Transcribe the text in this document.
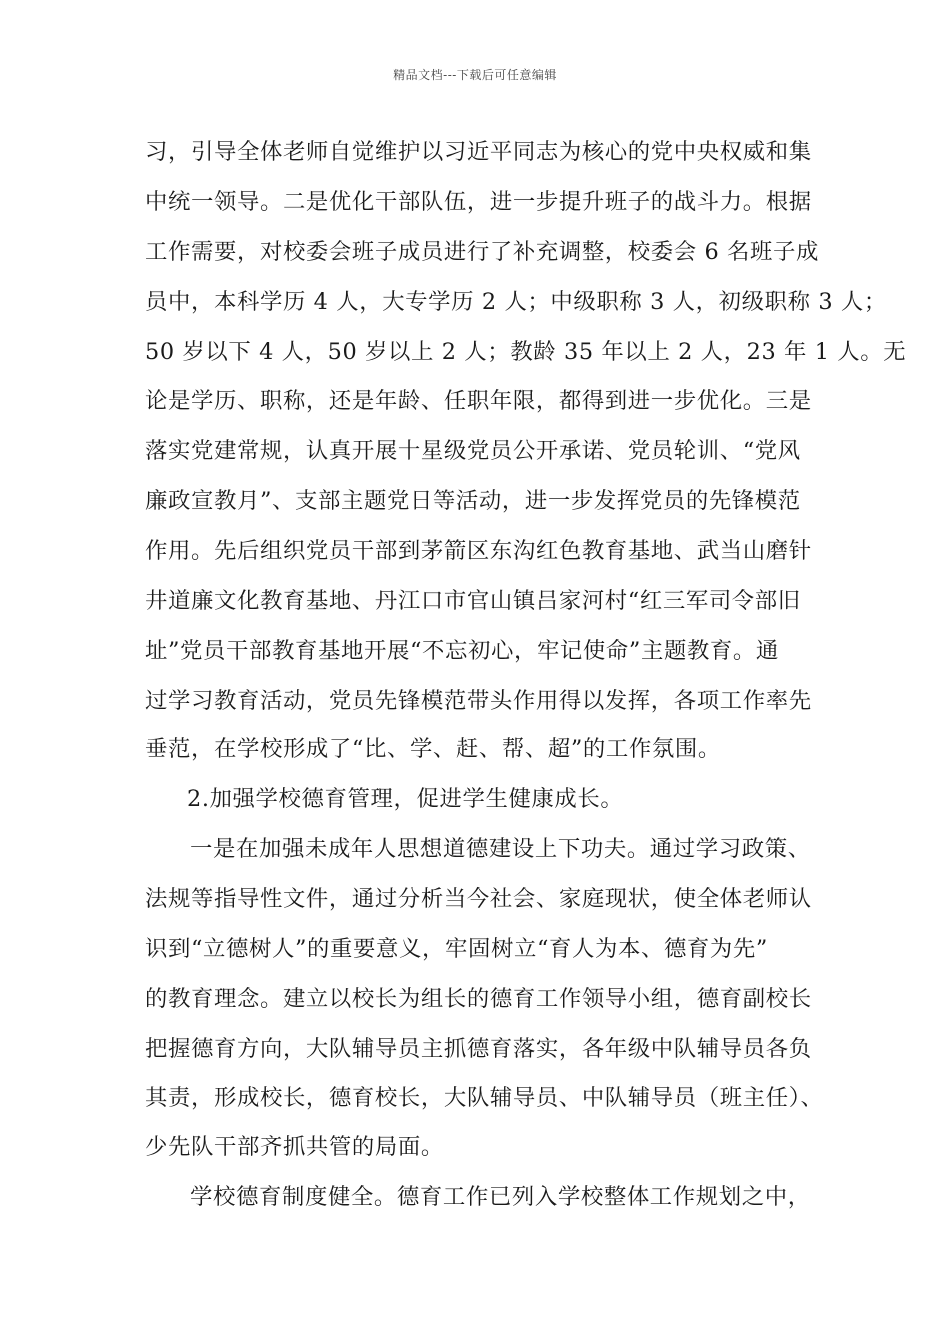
精品文档---下载后可任意编辑
习，引导全体老师自觉维护以习近平同志为核心的党中央权威和集
中统一领导。二是优化干部队伍，进一步提升班子的战斗力。根据
工作需要，对校委会班子成员进行了补充调整，校委会 6 名班子成
员中，本科学历 4 人，大专学历 2 人；中级职称 3 人，初级职称 3 人；
50 岁以下 4 人，50 岁以上 2 人；教龄 35 年以上 2 人，23 年 1 人。无
论是学历、职称，还是年龄、任职年限，都得到进一步优化。三是
落实党建常规，认真开展十星级党员公开承诺、党员轮训、“党风
廉政宣教月”、支部主题党日等活动，进一步发挥党员的先锋模范
作用。先后组织党员干部到茅箭区东沟红色教育基地、武当山磨针
井道廉文化教育基地、丹江口市官山镇吕家河村“红三军司令部旧
址”党员干部教育基地开展“不忘初心，牢记使命”主题教育。通
过学习教育活动，党员先锋模范带头作用得以发挥，各项工作率先
垂范，在学校形成了“比、学、赶、帮、超”的工作氛围。
2.加强学校德育管理，促进学生健康成长。
一是在加强未成年人思想道德建设上下功夫。通过学习政策、
法规等指导性文件，通过分析当今社会、家庭现状，使全体老师认
识到“立德树人”的重要意义，牢固树立“育人为本、德育为先”
的教育理念。建立以校长为组长的德育工作领导小组，德育副校长
把握德育方向，大队辅导员主抓德育落实，各年级中队辅导员各负
其责，形成校长，德育校长，大队辅导员、中队辅导员（班主任）、
少先队干部齐抓共管的局面。
学校德育制度健全。德育工作已列入学校整体工作规划之中，
